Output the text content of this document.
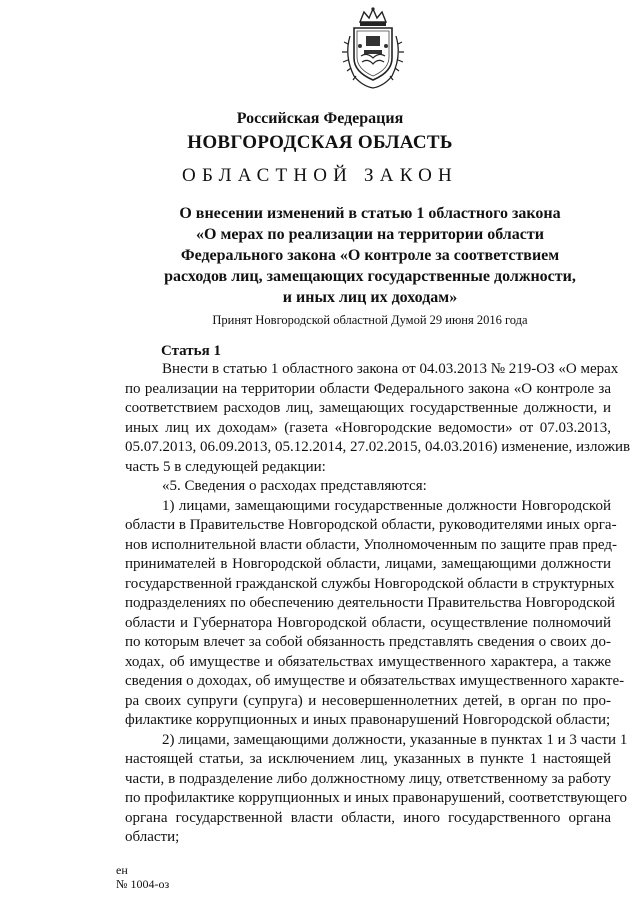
Российская Федерация
НОВГОРОДСКАЯ ОБЛАСТЬ
ОБЛАСТНОЙ ЗАКОН
О внесении изменений в статью 1 областного закона
«О мерах по реализации на территории области
Федерального закона «О контроле за соответствием
расходов лиц, замещающих государственные должности,
и иных лиц их доходам»
Принят Новгородской областной Думой 29 июня 2016 года
Статья 1
Внести в статью 1 областного закона от 04.03.2013 № 219-ОЗ «О мерах
по реализации на территории области Федерального закона «О контроле за
соответствием расходов лиц, замещающих государственные должности, и
иных лиц их доходам» (газета «Новгородские ведомости» от 07.03.2013,
05.07.2013, 06.09.2013, 05.12.2014, 27.02.2015, 04.03.2016) изменение, изложив
часть 5 в следующей редакции:
«5. Сведения о расходах представляются:
1) лицами, замещающими государственные должности Новгородской
области в Правительстве Новгородской области, руководителями иных орга-
нов исполнительной власти области, Уполномоченным по защите прав пред-
принимателей в Новгородской области, лицами, замещающими должности
государственной гражданской службы Новгородской области в структурных
подразделениях по обеспечению деятельности Правительства Новгородской
области и Губернатора Новгородской области, осуществление полномочий
по которым влечет за собой обязанность представлять сведения о своих до-
ходах, об имуществе и обязательствах имущественного характера, а также
сведения о доходах, об имуществе и обязательствах имущественного характе-
ра своих супруги (супруга) и несовершеннолетних детей, в орган по про-
филактике коррупционных и иных правонарушений Новгородской области;
2) лицами, замещающими должности, указанные в пунктах 1 и 3 части 1
настоящей статьи, за исключением лиц, указанных в пункте 1 настоящей
части, в подразделение либо должностному лицу, ответственному за работу
по профилактике коррупционных и иных правонарушений, соответствующего
органа государственной власти области, иного государственного органа
области;
ен
№ 1004-оз
